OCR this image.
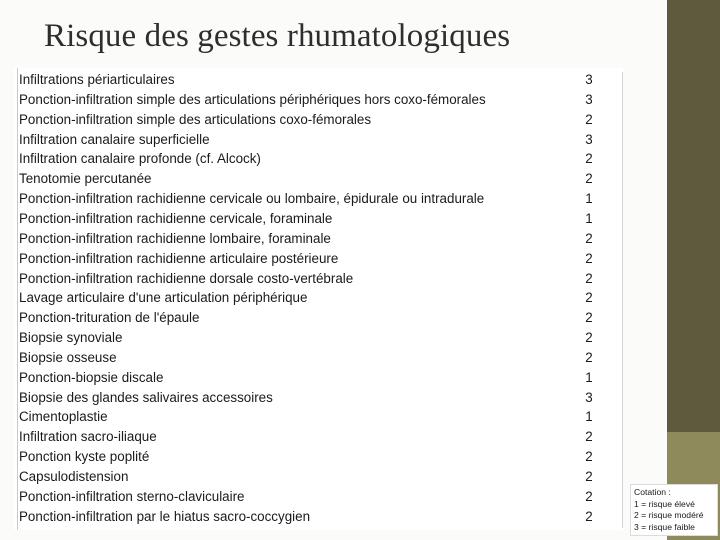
Risque des gestes rhumatologiques
Infiltrations périarticulaires	3
Ponction-infiltration simple des articulations périphériques hors coxo-fémorales	3
Ponction-infiltration simple des articulations coxo-fémorales	2
Infiltration canalaire superficielle	3
Infiltration canalaire profonde (cf. Alcock)	2
Tenotomie percutanée	2
Ponction-infiltration rachidienne cervicale ou lombaire, épidurale ou intradurale	1
Ponction-infiltration rachidienne cervicale, foraminale	1
Ponction-infiltration rachidienne lombaire, foraminale	2
Ponction-infiltration rachidienne articulaire postérieure	2
Ponction-infiltration rachidienne dorsale costo-vertébrale	2
Lavage articulaire d'une articulation périphérique	2
Ponction-trituration de l'épaule	2
Biopsie synoviale	2
Biopsie osseuse	2
Ponction-biopsie discale	1
Biopsie des glandes salivaires accessoires	3
Cimentoplastie	1
Infiltration sacro-iliaque	2
Ponction kyste poplité	2
Capsulodistension	2
Ponction-infiltration sterno-claviculaire	2
Ponction-infiltration par le hiatus sacro-coccygien	2
Cotation :
1 = risque élevé
2 = risque modéré
3 = risque faible
